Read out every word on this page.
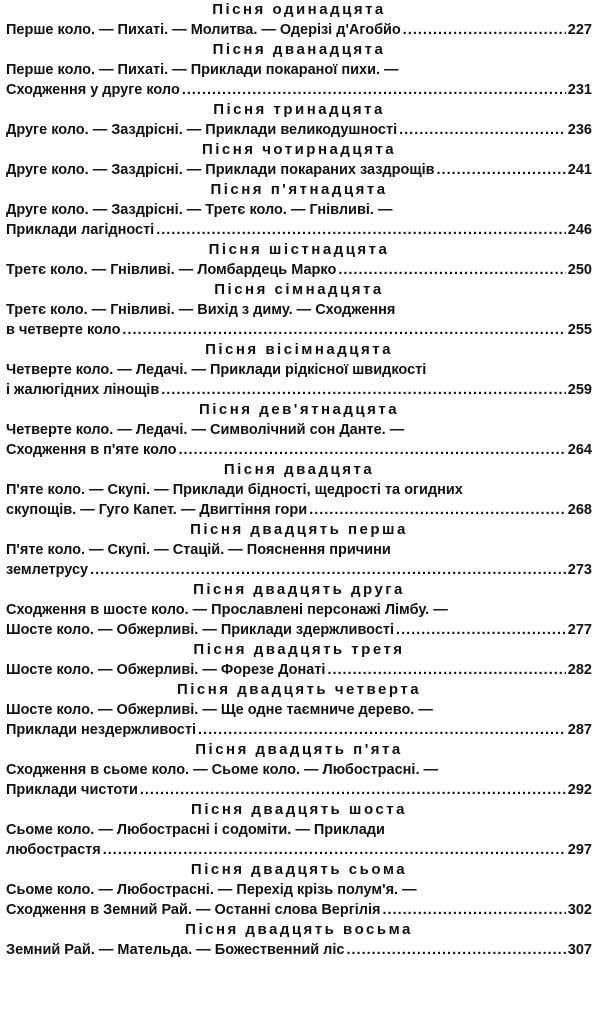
Пісня одинадцята
Перше коло. — Пихаті. — Молитва. — Одерізі д'Агобйо .....	227
Пісня дванадцята
Перше коло. — Пихаті. — Приклади покараної пихи. —
Сходження у друге коло .....	231
Пісня тринадцята
Друге коло. — Заздрісні. — Приклади великодушності .....	236
Пісня чотирнадцята
Друге коло. — Заздрісні. — Приклади покараних заздрощів .....	241
Пісня п'ятнадцята
Друге коло. — Заздрісні. — Третє коло. — Гнівливі. —
Приклади лагідності .....	246
Пісня шістнадцята
Третє коло. — Гнівливі. — Ломбардець Марко .....	250
Пісня сімнадцята
Третє коло. — Гнівливі. — Вихід з диму. — Сходження
в четверте коло .....	255
Пісня вісімнадцята
Четверте коло. — Ледачі. — Приклади рідкісної швидкості
і жалюгідних лінощів .....	259
Пісня дев'ятнадцята
Четверте коло. — Ледачі. — Символічний сон Данте. —
Сходження в п'яте коло .....	264
Пісня двадцята
П'яте коло. — Скупі. — Приклади бідності, щедрості та огидних
скупощів. — Гуго Капет. — Двигтіння гори .....	268
Пісня двадцять перша
П'яте коло. — Скупі. — Стацій. — Пояснення причини
землетрусу .....	273
Пісня двадцять друга
Сходження в шосте коло. — Прославлені персонажі Лімбу. —
Шосте коло. — Обжерливі. — Приклади здержливості .....	277
Пісня двадцять третя
Шосте коло. — Обжерливі. — Форезе Донаті .....	282
Пісня двадцять четверта
Шосте коло. — Обжерливі. — Ще одне таємниче дерево. —
Приклади нездержливості .....	287
Пісня двадцять п'ята
Сходження в сьоме коло. — Сьоме коло. — Любострасні. —
Приклади чистоти .....	292
Пісня двадцять шоста
Сьоме коло. — Любострасні і содоміти. — Приклади
любострастя .....	297
Пісня двадцять сьома
Сьоме коло. — Любострасні. — Перехід крізь полум'я. —
Сходження в Земний Рай. — Останні слова Вергілія .....	302
Пісня двадцять восьма
Земний Рай. — Мательда. — Божественний ліс .....	307
